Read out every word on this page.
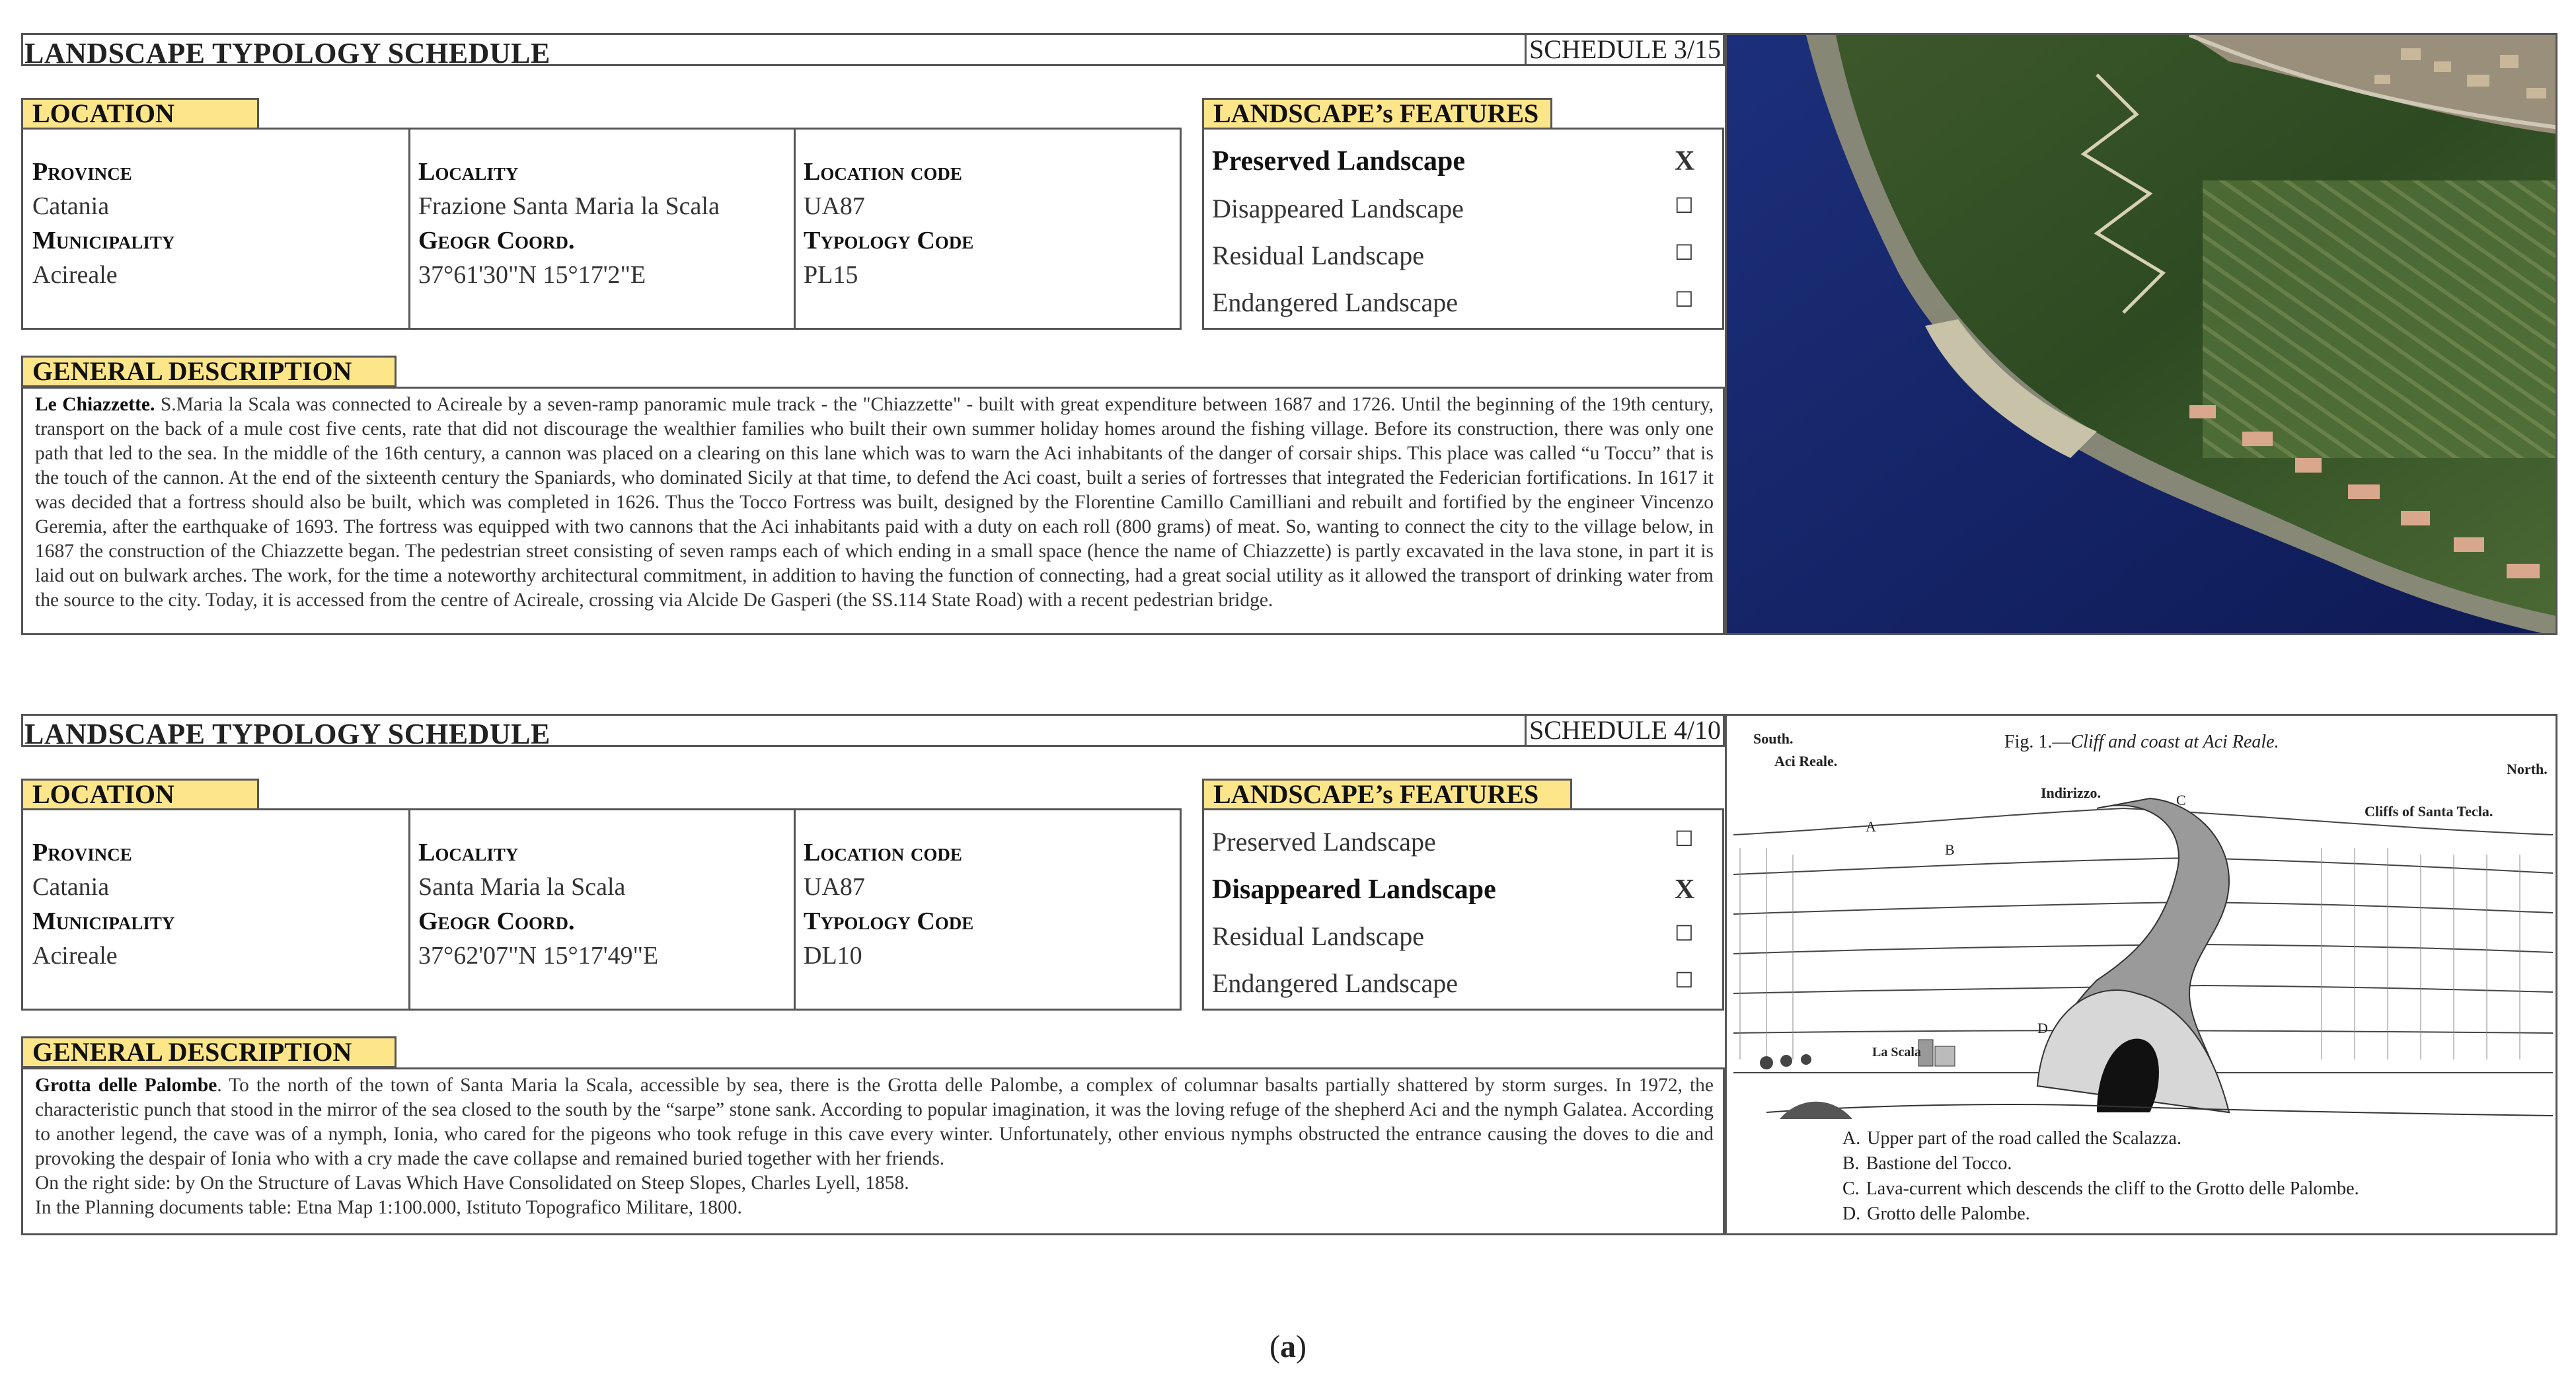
LANDSCAPE TYPOLOGY SCHEDULE	SCHEDULE 3/15
LOCATION
Province
Catania
Municipality
Acireale
Locality
Frazione Santa Maria la Scala
Geogr Coord.
37°61'30"N 15°17'2"E
Location code
UA87
Typology Code
PL15
LANDSCAPE’s FEATURES
Preserved Landscape	X
Disappeared Landscape	☐
Residual Landscape	☐
Endangered Landscape	☐
GENERAL DESCRIPTION

Le Chiazzette. S.Maria la Scala was connected to Acireale by a seven-ramp panoramic mule track - the "Chiazzette" - built with great expenditure between 1687 and 1726. Until the beginning of the 19th century, transport on the back of a mule cost five cents, rate that did not discourage the wealthier families who built their own summer holiday homes around the fishing village. Before its construction, there was only one path that led to the sea. In the middle of the 16th century, a cannon was placed on a clearing on this lane which was to warn the Aci inhabitants of the danger of corsair ships. This place was called “u Toccu” that is the touch of the cannon. At the end of the sixteenth century the Spaniards, who dominated Sicily at that time, to defend the Aci coast, built a series of fortresses that integrated the Federician fortifications. In 1617 it was decided that a fortress should also be built, which was completed in 1626. Thus the Tocco Fortress was built, designed by the Florentine Camillo Camilliani and rebuilt and fortified by the engineer Vincenzo Geremia, after the earthquake of 1693. The fortress was equipped with two cannons that the Aci inhabitants paid with a duty on each roll (800 grams) of meat. So, wanting to connect the city to the village below, in 1687 the construction of the Chiazzette began. The pedestrian street consisting of seven ramps each of which ending in a small space (hence the name of Chiazzette) is partly excavated in the lava stone, in part it is laid out on bulwark arches. The work, for the time a noteworthy architectural commitment, in addition to having the function of connecting, had a great social utility as it allowed the transport of drinking water from the source to the city. Today, it is accessed from the centre of Acireale, crossing via Alcide De Gasperi (the SS.114 State Road) with a recent pedestrian bridge.

LANDSCAPE TYPOLOGY SCHEDULE	SCHEDULE 4/10
LOCATION
Province
Catania
Municipality
Acireale
Locality
Santa Maria la Scala
Geogr Coord.
37°62'07"N 15°17'49"E
Location code
UA87
Typology Code
DL10
LANDSCAPE’s FEATURES
Preserved Landscape	☐
Disappeared Landscape	X
Residual Landscape	☐
Endangered Landscape	☐
GENERAL DESCRIPTION

Grotta delle Palombe. To the north of the town of Santa Maria la Scala, accessible by sea, there is the Grotta delle Palombe, a complex of columnar basalts partially shattered by storm surges. In 1972, the characteristic punch that stood in the mirror of the sea closed to the south by the “sarpe” stone sank. According to popular imagination, it was the loving refuge of the shepherd Aci and the nymph Galatea. According to another legend, the cave was of a nymph, Ionia, who cared for the pigeons who took refuge in this cave every winter. Unfortunately, other envious nymphs obstructed the entrance causing the doves to die and provoking the despair of Ionia who with a cry made the cave collapse and remained buried together with her friends.

On the right side: by On the Structure of Lavas Which Have Consolidated on Steep Slopes, Charles Lyell, 1858.

In the Planning documents table: Etna Map 1:100.000, Istituto Topografico Militare, 1800.

Fig. 1.—Cliff and coast at Aci Reale.
South.
Aci Reale.	North.
Indirizzo.
Cliffs of Santa Tecla.
La Scala
A
B
C
D
A. Upper part of the road called the Scalazza.
B. Bastione del Tocco.
C. Lava-current which descends the cliff to the Grotto delle Palombe.
D. Grotto delle Palombe.
(a)
